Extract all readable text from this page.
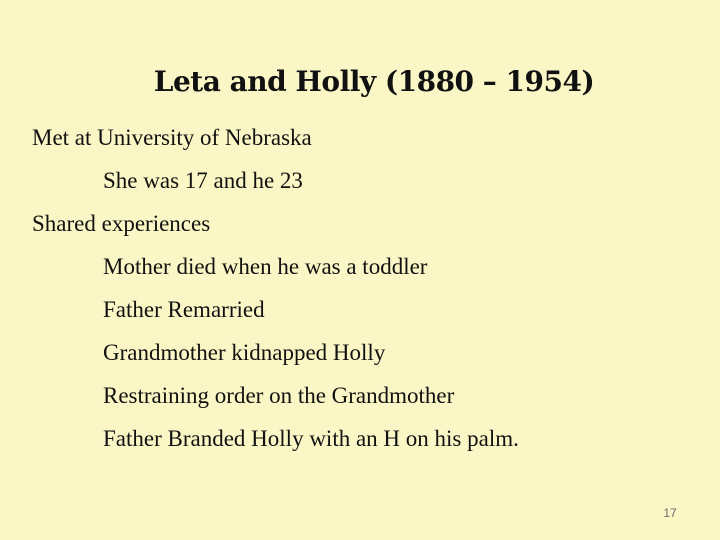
Leta and Holly (1880 – 1954)
Met at University of Nebraska
She was 17 and he 23
Shared experiences
Mother died when he was a toddler
Father Remarried
Grandmother kidnapped Holly
Restraining order on the Grandmother
Father Branded Holly with an H on his palm.
17
